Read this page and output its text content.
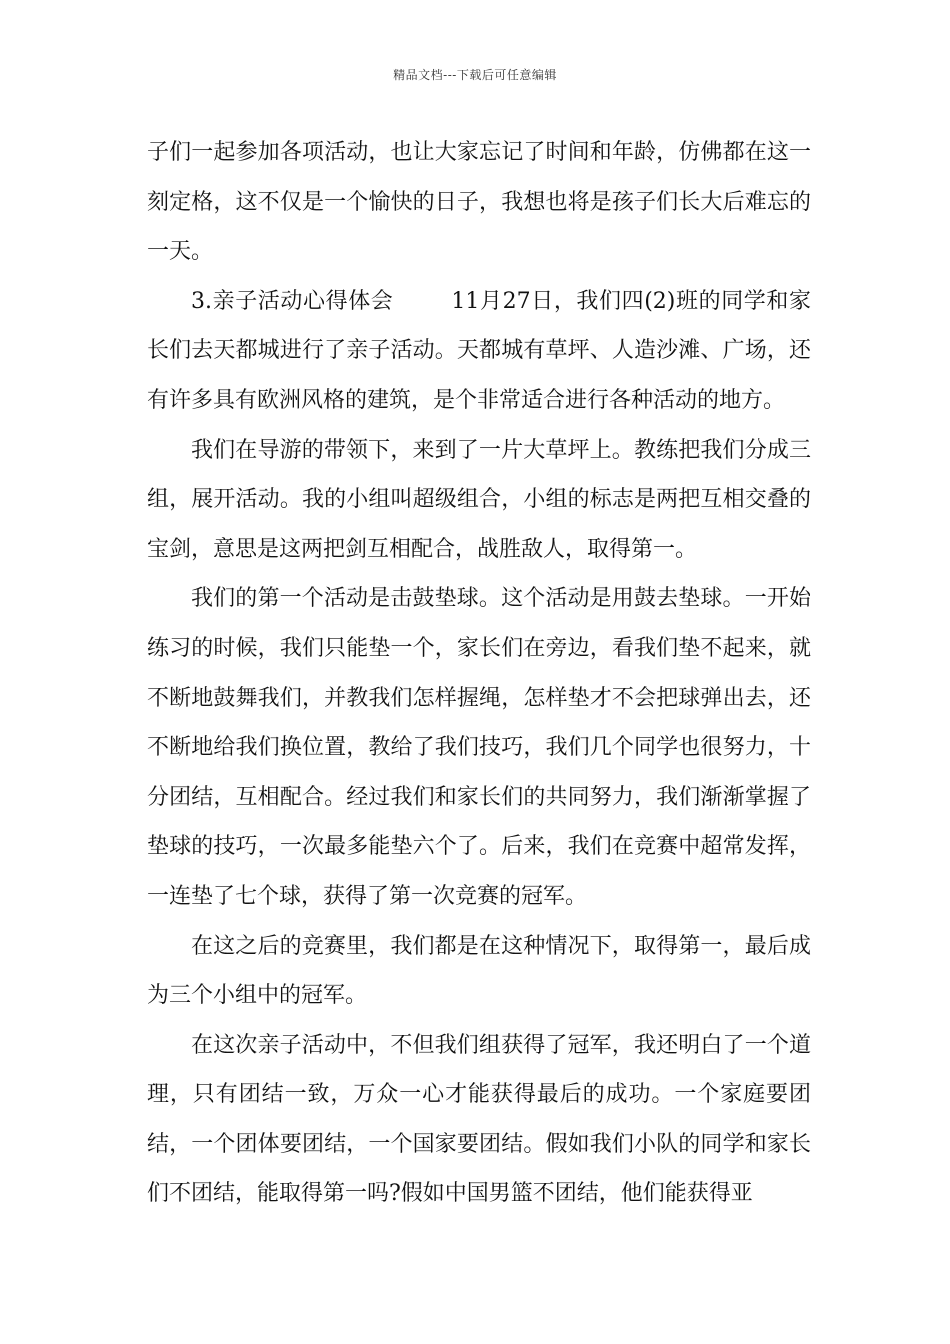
精品文档---下载后可任意编辑

子们一起参加各项活动，也让大家忘记了时间和年龄，仿佛都在这一刻定格，这不仅是一个愉快的日子，我想也将是孩子们长大后难忘的一天。

3.亲子活动心得体会	11月27日，我们四(2)班的同学和家长们去天都城进行了亲子活动。天都城有草坪、人造沙滩、广场，还有许多具有欧洲风格的建筑，是个非常适合进行各种活动的地方。

我们在导游的带领下，来到了一片大草坪上。教练把我们分成三组，展开活动。我的小组叫超级组合，小组的标志是两把互相交叠的宝剑，意思是这两把剑互相配合，战胜敌人，取得第一。

我们的第一个活动是击鼓垫球。这个活动是用鼓去垫球。一开始练习的时候，我们只能垫一个，家长们在旁边，看我们垫不起来，就不断地鼓舞我们，并教我们怎样握绳，怎样垫才不会把球弹出去，还不断地给我们换位置，教给了我们技巧，我们几个同学也很努力，十分团结，互相配合。经过我们和家长们的共同努力，我们渐渐掌握了垫球的技巧，一次最多能垫六个了。后来，我们在竞赛中超常发挥，一连垫了七个球，获得了第一次竞赛的冠军。

在这之后的竞赛里，我们都是在这种情况下，取得第一，最后成为三个小组中的冠军。

在这次亲子活动中，不但我们组获得了冠军，我还明白了一个道理，只有团结一致，万众一心才能获得最后的成功。一个家庭要团结，一个团体要团结，一个国家要团结。假如我们小队的同学和家长们不团结，能取得第一吗?假如中国男篮不团结，他们能获得亚
